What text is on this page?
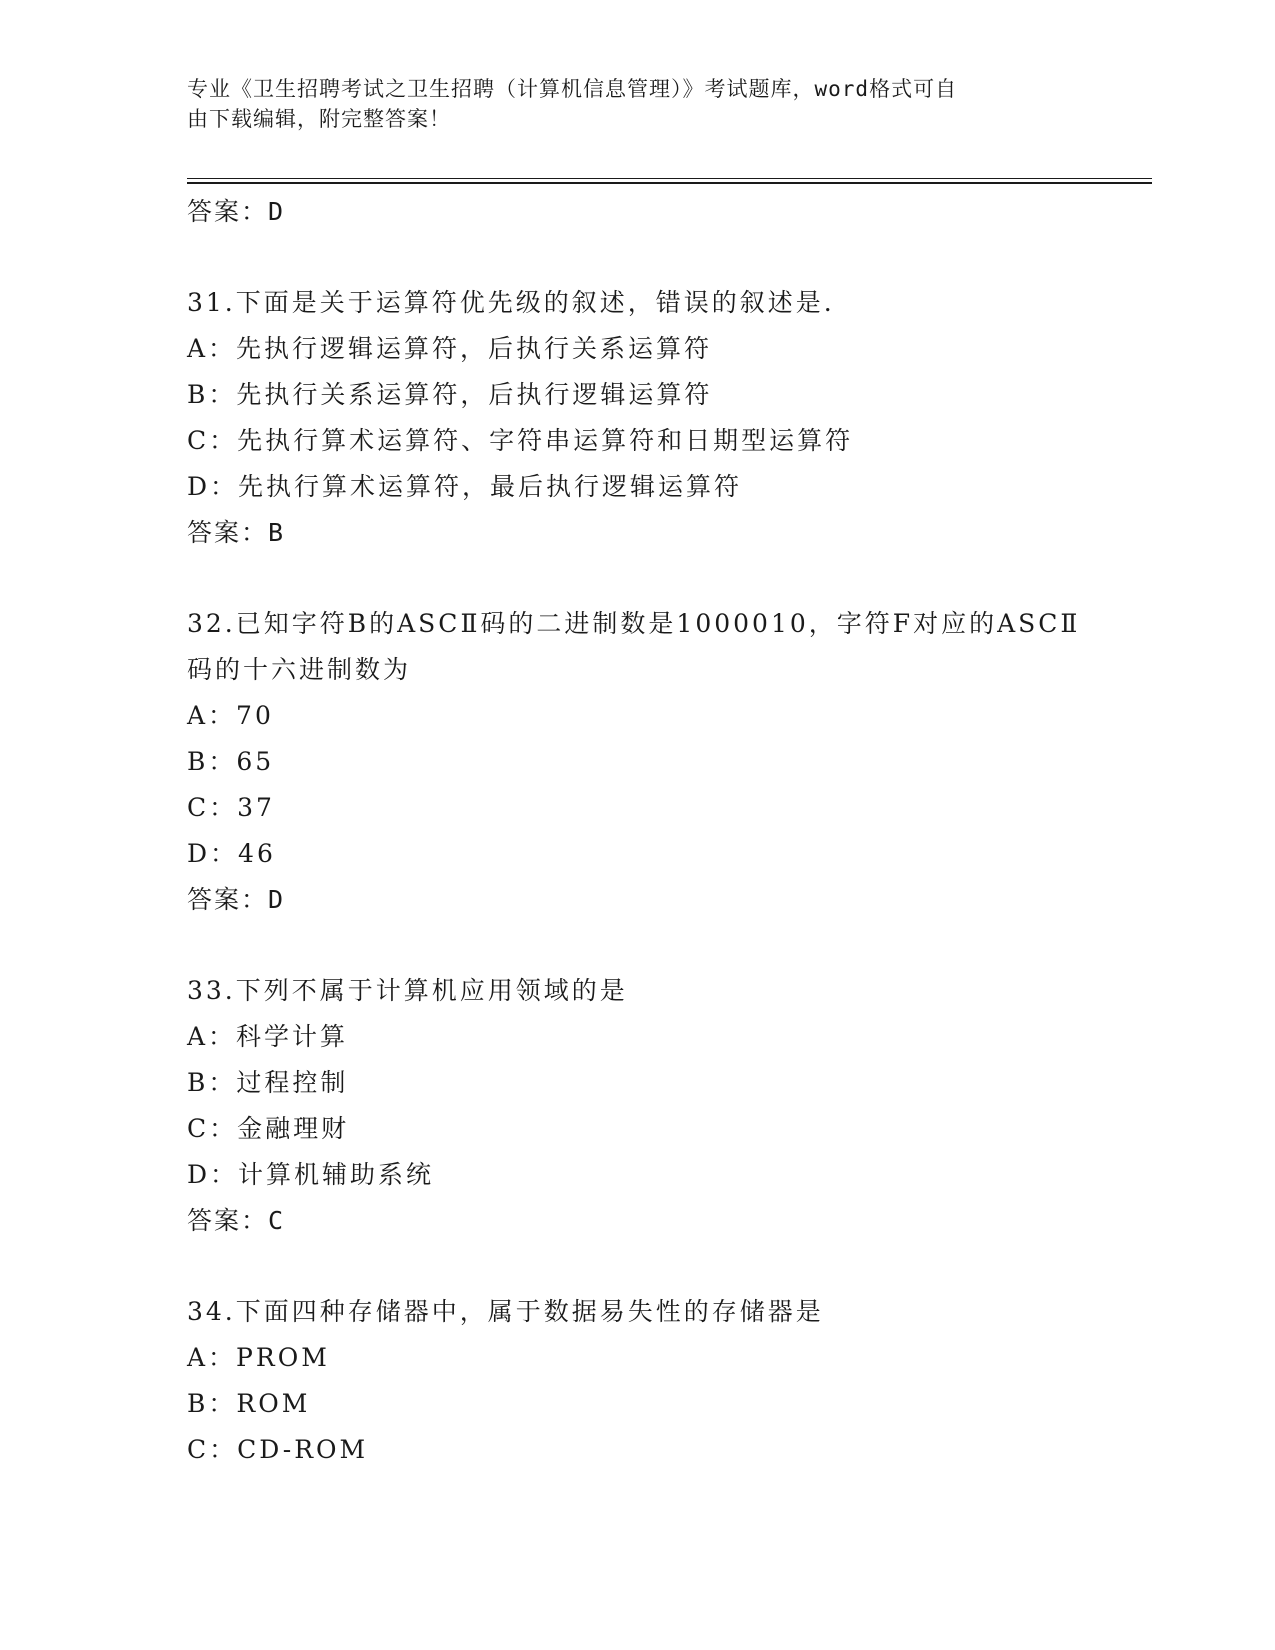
专业《卫生招聘考试之卫生招聘（计算机信息管理）》考试题库，word格式可自
由下载编辑，附完整答案！
答案：D
31.下面是关于运算符优先级的叙述，错误的叙述是.
A：先执行逻辑运算符，后执行关系运算符
B：先执行关系运算符，后执行逻辑运算符
C：先执行算术运算符、字符串运算符和日期型运算符
D：先执行算术运算符，最后执行逻辑运算符
答案：B
32.已知字符B的ASCⅡ码的二进制数是1000010，字符F对应的ASCⅡ
码的十六进制数为
A：70
B：65
C：37
D：46
答案：D
33.下列不属于计算机应用领域的是
A：科学计算
B：过程控制
C：金融理财
D：计算机辅助系统
答案：C
34.下面四种存储器中，属于数据易失性的存储器是
A：PROM
B：ROM
C：CD-ROM
